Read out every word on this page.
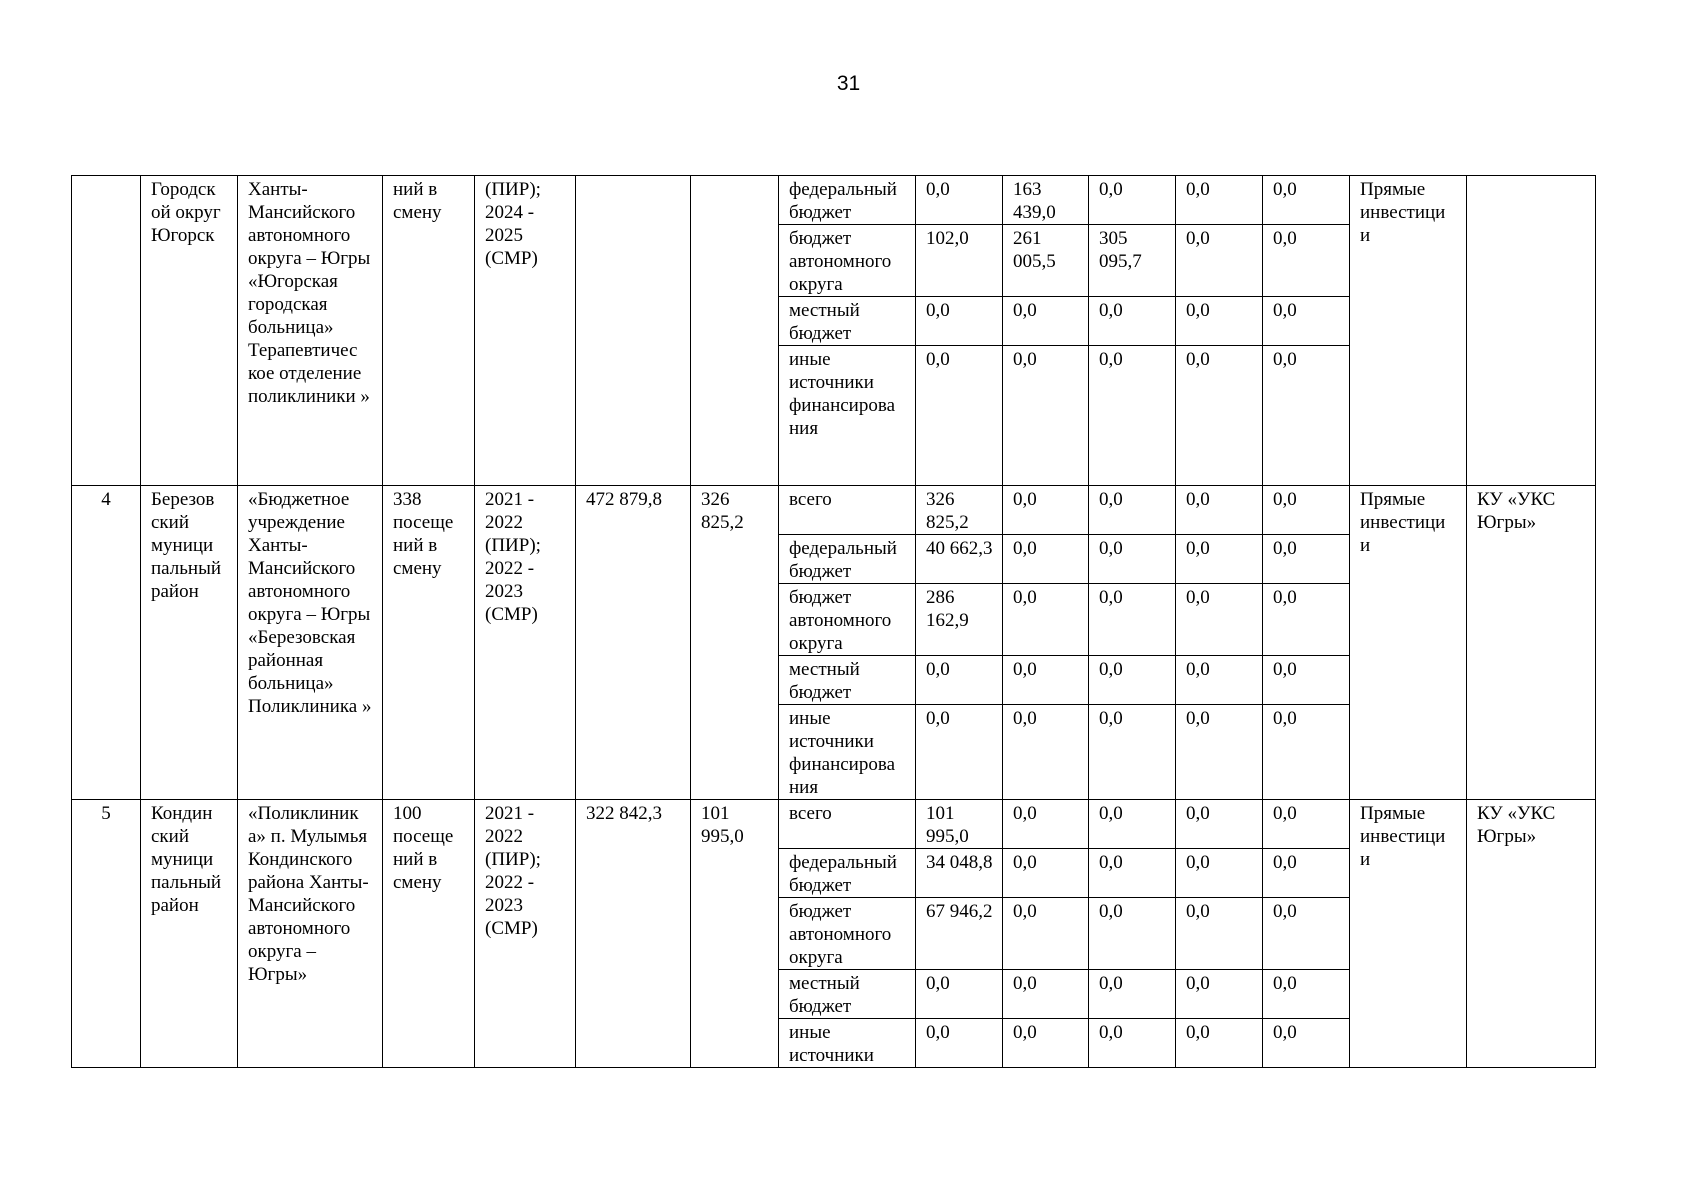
31
	Городск ой округ Югорск	Ханты- Мансийского автономного округа – Югры «Югорская городская больница» Терапевтичес кое отделение поликлиники »	ний в смену	(ПИР); 2024 - 2025 (СМР)			федеральный бюджет	0,0	163 439,0	0,0	0,0	0,0	Прямые инвестици и	
							бюджет автономного округа	102,0	261 005,5	305 095,7	0,0	0,0		
							местный бюджет	0,0	0,0	0,0	0,0	0,0		
							иные источники финансирова ния	0,0	0,0	0,0	0,0	0,0		
4	Березов ский муници пальный район	«Бюджетное учреждение Ханты- Мансийского автономного округа – Югры «Березовская районная больница» Поликлиника »	338 посеще ний в смену	2021 - 2022 (ПИР); 2022 - 2023 (СМР)	472 879,8	326 825,2	всего	326 825,2	0,0	0,0	0,0	0,0	Прямые инвестици и	КУ «УКС Югры»
							федеральный бюджет	40 662,3	0,0	0,0	0,0	0,0		
							бюджет автономного округа	286 162,9	0,0	0,0	0,0	0,0		
							местный бюджет	0,0	0,0	0,0	0,0	0,0		
							иные источники финансирова ния	0,0	0,0	0,0	0,0	0,0		
5	Кондин ский муници пальный район	«Поликлиник а» п. Мулымья Кондинского района Ханты- Мансийского автономного округа – Югры»	100 посеще ний в смену	2021 - 2022 (ПИР); 2022 - 2023 (СМР)	322 842,3	101 995,0	всего	101 995,0	0,0	0,0	0,0	0,0	Прямые инвестици и	КУ «УКС Югры»
							федеральный бюджет	34 048,8	0,0	0,0	0,0	0,0		
							бюджет автономного округа	67 946,2	0,0	0,0	0,0	0,0		
							местный бюджет	0,0	0,0	0,0	0,0	0,0		
							иные источники	0,0	0,0	0,0	0,0	0,0		
